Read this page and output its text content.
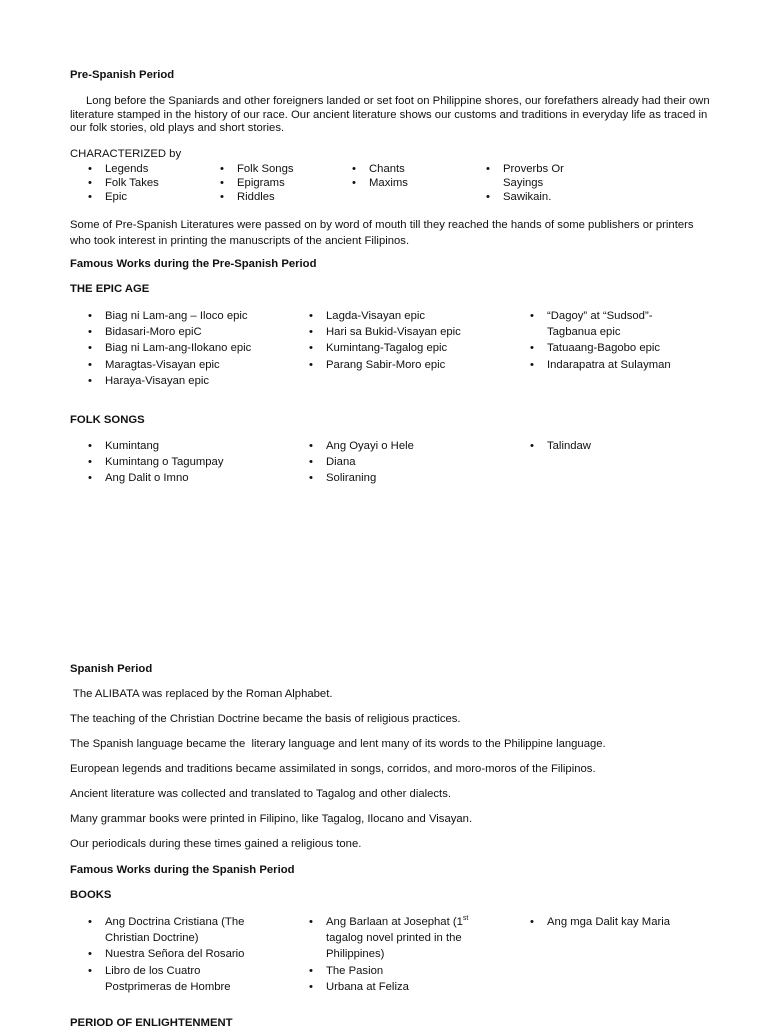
Pre-Spanish Period
Long before the Spaniards and other foreigners landed or set foot on Philippine shores, our forefathers already had their own literature stamped in the history of our race. Our ancient literature shows our customs and traditions in everyday life as traced in our folk stories, old plays and short stories.
CHARACTERIZED by
• Legends
• Folk Takes
• Epic
• Folk Songs
• Epigrams
• Riddles
• Chants
• Maxims
• Proverbs Or Sayings
• Sawikain.
Some of Pre-Spanish Literatures were passed on by word of mouth till they reached the hands of some publishers or printers who took interest in printing the manuscripts of the ancient Filipinos.
Famous Works during the Pre-Spanish Period
THE EPIC AGE
• Biag ni Lam-ang – Iloco epic
• Bidasari-Moro epiC
• Biag ni Lam-ang-Ilokano epic
• Maragtas-Visayan epic
• Haraya-Visayan epic
• Lagda-Visayan epic
• Hari sa Bukid-Visayan epic
• Kumintang-Tagalog epic
• Parang Sabir-Moro epic
• “Dagoy” at “Sudsod”-Tagbanua epic
• Tatuaang-Bagobo epic
• Indarapatra at Sulayman
FOLK SONGS
• Kumintang
• Kumintang o Tagumpay
• Ang Dalit o Imno
• Ang Oyayi o Hele
• Diana
• Soliraning
• Talindaw
Spanish Period
The ALIBATA was replaced by the Roman Alphabet.
The teaching of the Christian Doctrine became the basis of religious practices.
The Spanish language became the  literary language and lent many of its words to the Philippine language.
European legends and traditions became assimilated in songs, corridos, and moro-moros of the Filipinos.
Ancient literature was collected and translated to Tagalog and other dialects.
Many grammar books were printed in Filipino, like Tagalog, Ilocano and Visayan.
Our periodicals during these times gained a religious tone.
Famous Works during the Spanish Period
BOOKS
• Ang Doctrina Cristiana (The Christian Doctrine)
• Nuestra Señora del Rosario
• Libro de los Cuatro Postprimeras de Hombre
• Ang Barlaan at Josephat (1st tagalog novel printed in the Philippines)
• The Pasion
• Urbana at Feliza
• Ang mga Dalit kay Maria
PERIOD OF ENLIGHTENMENT
